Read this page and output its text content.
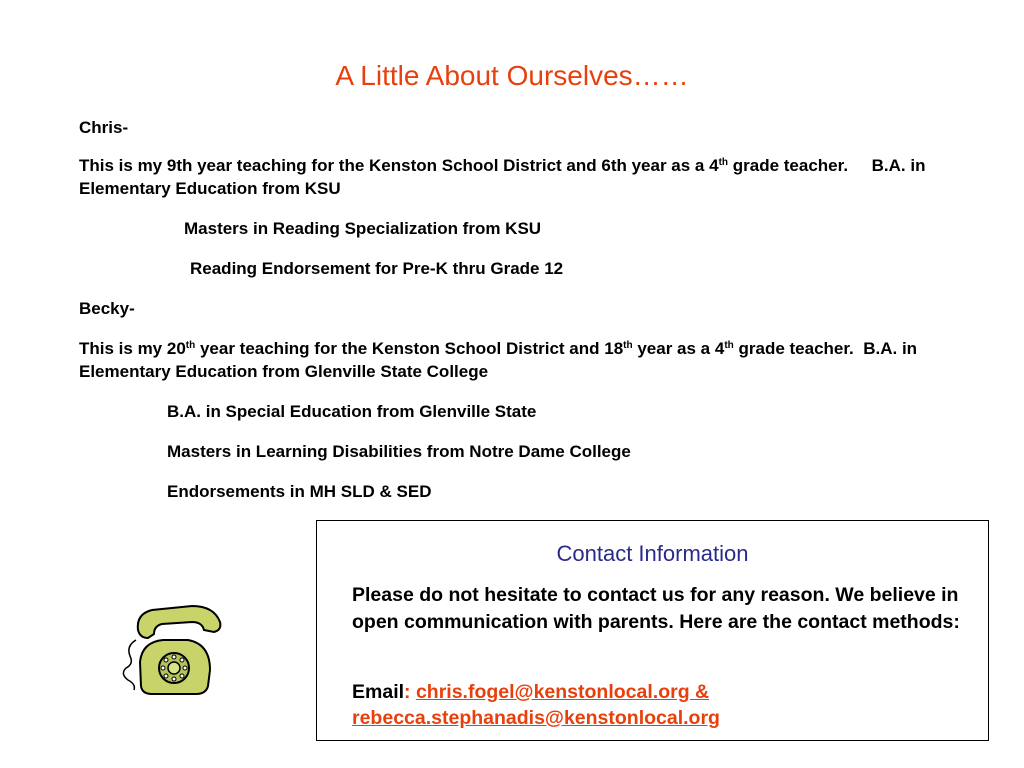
A Little About Ourselves……

Chris-

This is my 9th year teaching for the Kenston School District and 6th year as a 4th grade teacher.     B.A. in Elementary Education from KSU

Masters in Reading Specialization from KSU

Reading Endorsement for Pre-K thru Grade 12

Becky-

This is my 20th year teaching for the Kenston School District and 18th year as a 4th grade teacher.  B.A. in Elementary Education from Glenville State College

B.A. in Special Education from Glenville State

Masters in Learning Disabilities from Notre Dame College

Endorsements in MH SLD & SED

Contact Information

Please do not hesitate to contact us for any reason. We believe in open communication with parents. Here are the contact methods:

Email: chris.fogel@kenstonlocal.org &
rebecca.stephanadis@kenstonlocal.org
